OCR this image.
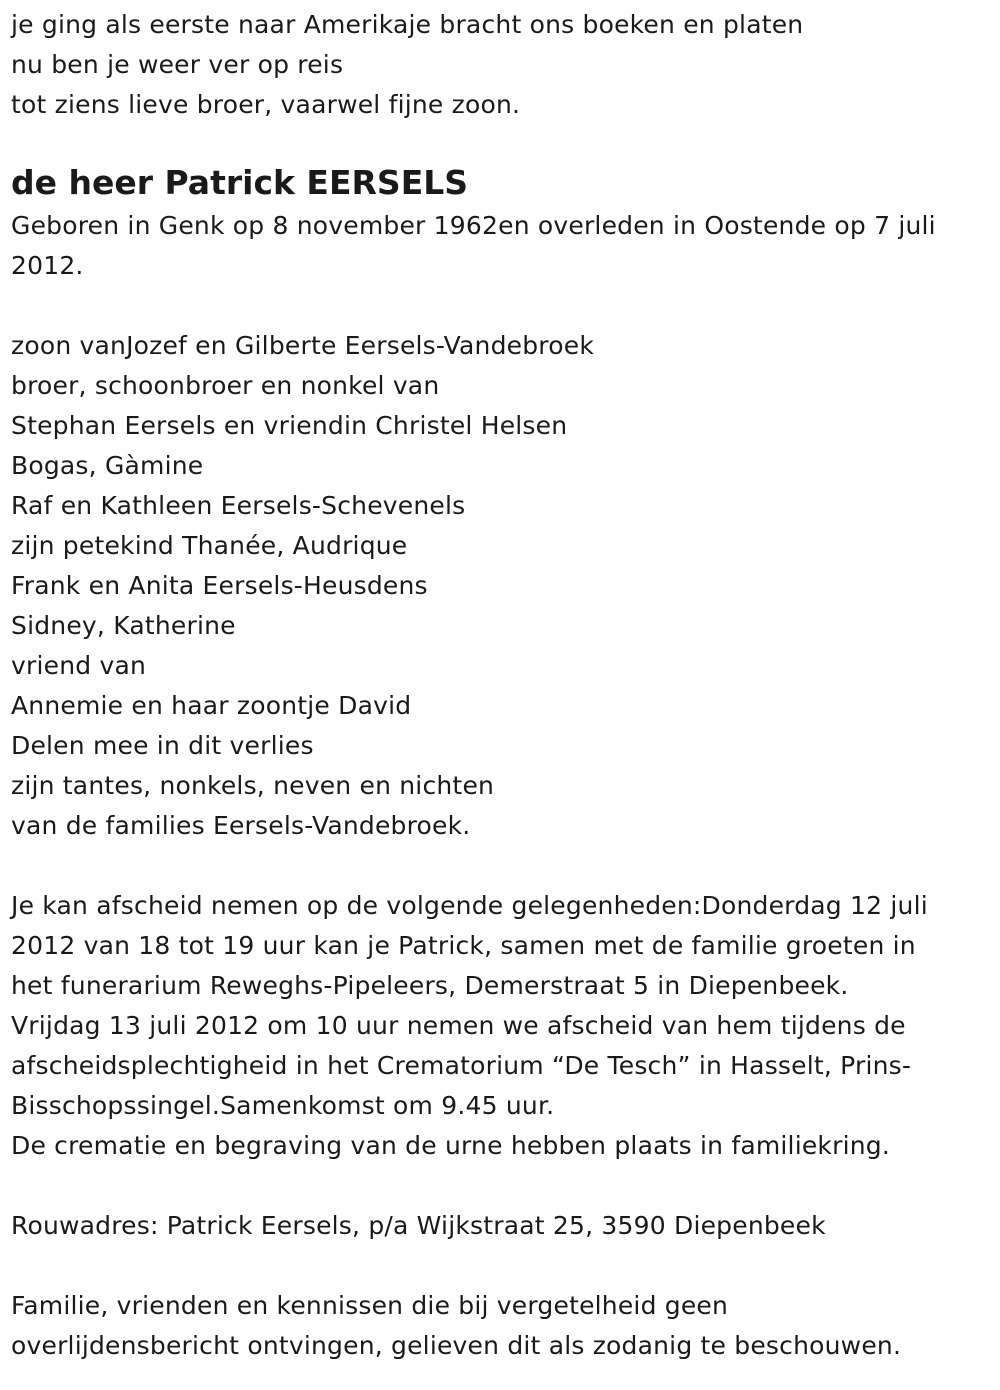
je ging als eerste naar Amerikaje bracht ons boeken en platen
nu ben je weer ver op reis
tot ziens lieve broer, vaarwel fijne zoon.
de heer Patrick EERSELS
Geboren in Genk op 8 november 1962en overleden in Oostende op 7 juli
2012.
zoon vanJozef en Gilberte Eersels-Vandebroek
broer, schoonbroer en nonkel van
Stephan Eersels en vriendin Christel Helsen
Bogas, Gàmine
Raf en Kathleen Eersels-Schevenels
zijn petekind Thanée, Audrique
Frank en Anita Eersels-Heusdens
Sidney, Katherine
vriend van
Annemie en haar zoontje David
Delen mee in dit verlies
zijn tantes, nonkels, neven en nichten
van de families Eersels-Vandebroek.
Je kan afscheid nemen op de volgende gelegenheden:Donderdag 12 juli
2012 van 18 tot 19 uur kan je Patrick, samen met de familie groeten in
het funerarium Reweghs-Pipeleers, Demerstraat 5 in Diepenbeek.
Vrijdag 13 juli 2012 om 10 uur nemen we afscheid van hem tijdens de
afscheidsplechtigheid in het Crematorium “De Tesch” in Hasselt, Prins-
Bisschopssingel.Samenkomst om 9.45 uur.
De crematie en begraving van de urne hebben plaats in familiekring.
Rouwadres: Patrick Eersels, p/a Wijkstraat 25, 3590 Diepenbeek
Familie, vrienden en kennissen die bij vergetelheid geen
overlijdensbericht ontvingen, gelieven dit als zodanig te beschouwen.
